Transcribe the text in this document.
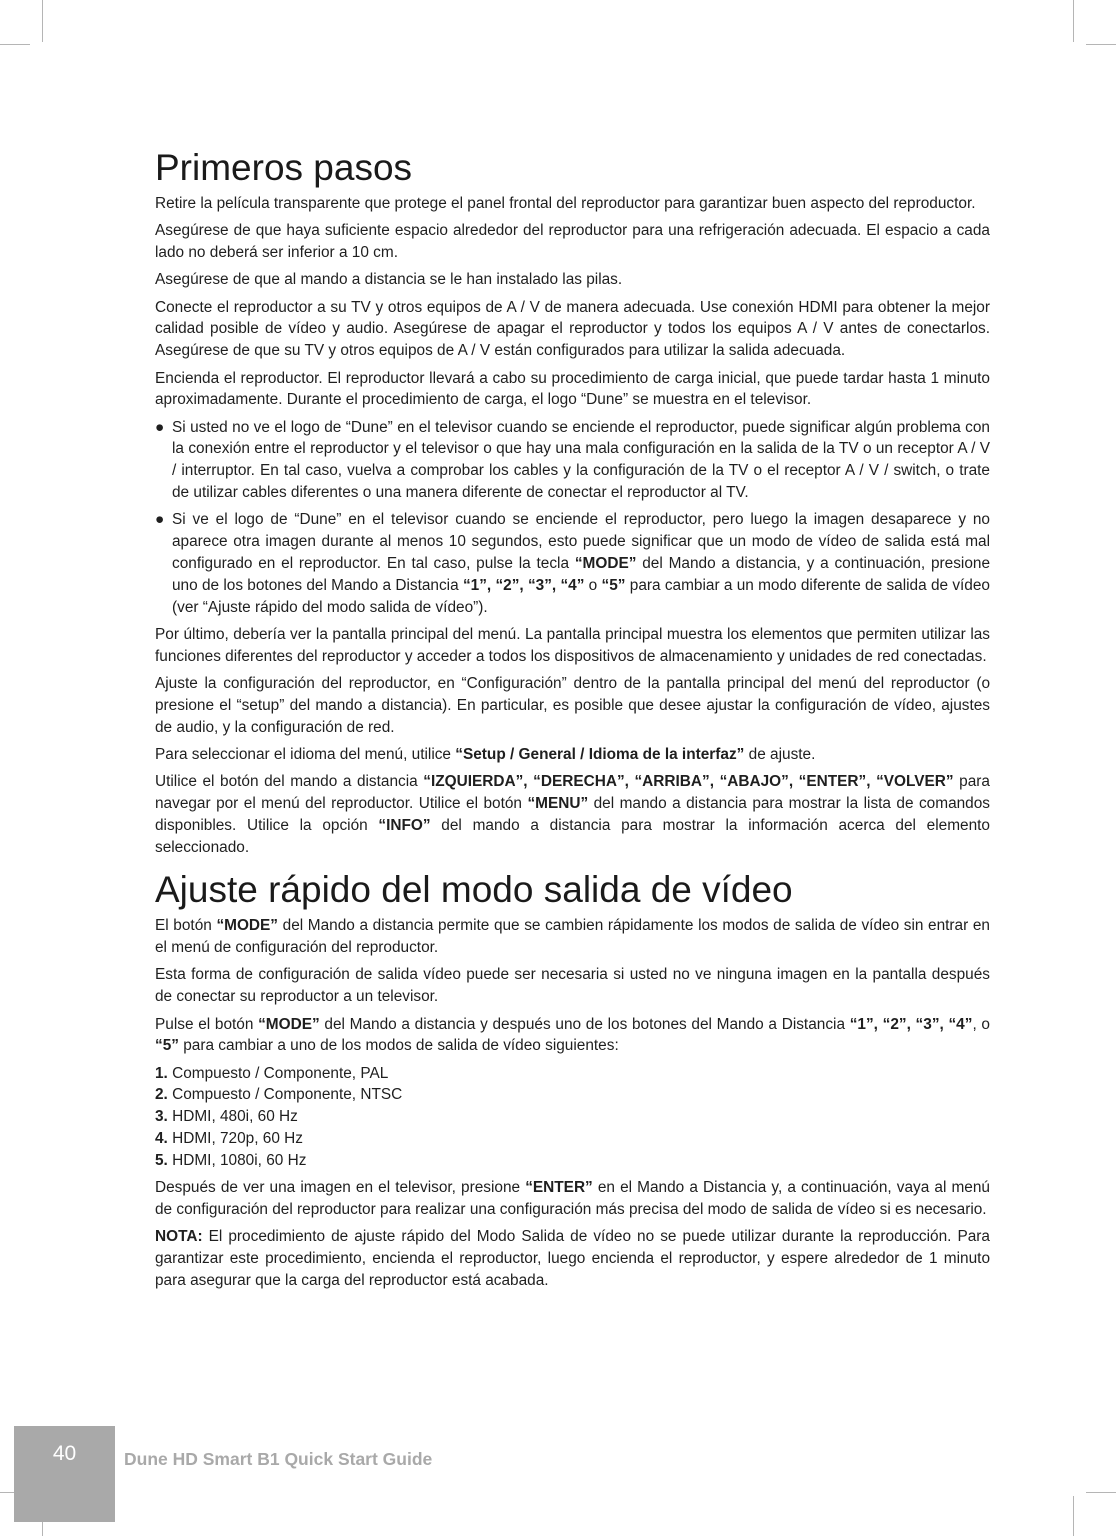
Primeros pasos

Retire la película transparente que protege el panel frontal del reproductor para garantizar buen aspecto del reproductor.

Asegúrese de que haya suficiente espacio alrededor del reproductor para una refrigeración adecuada. El espacio a cada lado no deberá ser inferior a 10 cm.

Asegúrese de que al mando a distancia se le han instalado las pilas.

Conecte el reproductor a su TV y otros equipos de A / V de manera adecuada. Use conexión HDMI para obtener la mejor calidad posible de vídeo y audio. Asegúrese de apagar el reproductor y todos los equipos A / V antes de conectarlos. Asegúrese de que su TV y otros equipos de A / V están configurados para utilizar la salida adecuada.

Encienda el reproductor. El reproductor llevará a cabo su procedimiento de carga inicial, que puede tardar hasta 1 minuto aproximadamente. Durante el procedimiento de carga, el logo “Dune” se muestra en el televisor.

● Si usted no ve el logo de “Dune” en el televisor cuando se enciende el reproductor, puede significar algún problema con la conexión entre el reproductor y el televisor o que hay una mala configuración en la salida de la TV o un receptor A / V / interruptor. En tal caso, vuelva a comprobar los cables y la configuración de la TV o el receptor A / V / switch, o trate de utilizar cables diferentes o una manera diferente de conectar el reproductor al TV.
● Si ve el logo de “Dune” en el televisor cuando se enciende el reproductor, pero luego la imagen desaparece y no aparece otra imagen durante al menos 10 segundos, esto puede significar que un modo de vídeo de salida está mal configurado en el reproductor. En tal caso, pulse la tecla “MODE” del Mando a distancia, y a continuación, presione uno de los botones del Mando a Distancia “1”, “2”, “3”, “4” o “5” para cambiar a un modo diferente de salida de vídeo (ver “Ajuste rápido del modo salida de vídeo”).

Por último, debería ver la pantalla principal del menú. La pantalla principal muestra los elementos que permiten utilizar las funciones diferentes del reproductor y acceder a todos los dispositivos de almacenamiento y unidades de red conectadas.

Ajuste la configuración del reproductor, en “Configuración” dentro de la pantalla principal del menú del reproductor (o presione el “setup” del mando a distancia). En particular, es posible que desee ajustar la configuración de vídeo, ajustes de audio, y la configuración de red.

Para seleccionar el idioma del menú, utilice “Setup / General / Idioma de la interfaz” de ajuste.

Utilice el botón del mando a distancia “IZQUIERDA”, “DERECHA”, “ARRIBA”, “ABAJO”, “ENTER”, “VOLVER” para navegar por el menú del reproductor. Utilice el botón “MENU” del mando a distancia para mostrar la lista de comandos disponibles. Utilice la opción “INFO” del mando a distancia para mostrar la información acerca del elemento seleccionado.

Ajuste rápido del modo salida de vídeo

El botón “MODE” del Mando a distancia permite que se cambien rápidamente los modos de salida de vídeo sin entrar en el menú de configuración del reproductor.

Esta forma de configuración de salida vídeo puede ser necesaria si usted no ve ninguna imagen en la pantalla después de conectar su reproductor a un televisor.

Pulse el botón “MODE” del Mando a distancia y después uno de los botones del Mando a Distancia “1”, “2”, “3”, “4”, o “5” para cambiar a uno de los modos de salida de vídeo siguientes:

1. Compuesto / Componente, PAL
2. Compuesto / Componente, NTSC
3. HDMI, 480i, 60 Hz
4. HDMI, 720p, 60 Hz
5. HDMI, 1080i, 60 Hz

Después de ver una imagen en el televisor, presione “ENTER” en el Mando a Distancia y, a continuación, vaya al menú de configuración del reproductor para realizar una configuración más precisa del modo de salida de vídeo si es necesario.

NOTA: El procedimiento de ajuste rápido del Modo Salida de vídeo no se puede utilizar durante la reproducción. Para garantizar este procedimiento, encienda el reproductor, luego encienda el reproductor, y espere alrededor de 1 minuto para asegurar que la carga del reproductor está acabada.

40	Dune HD Smart B1 Quick Start Guide
